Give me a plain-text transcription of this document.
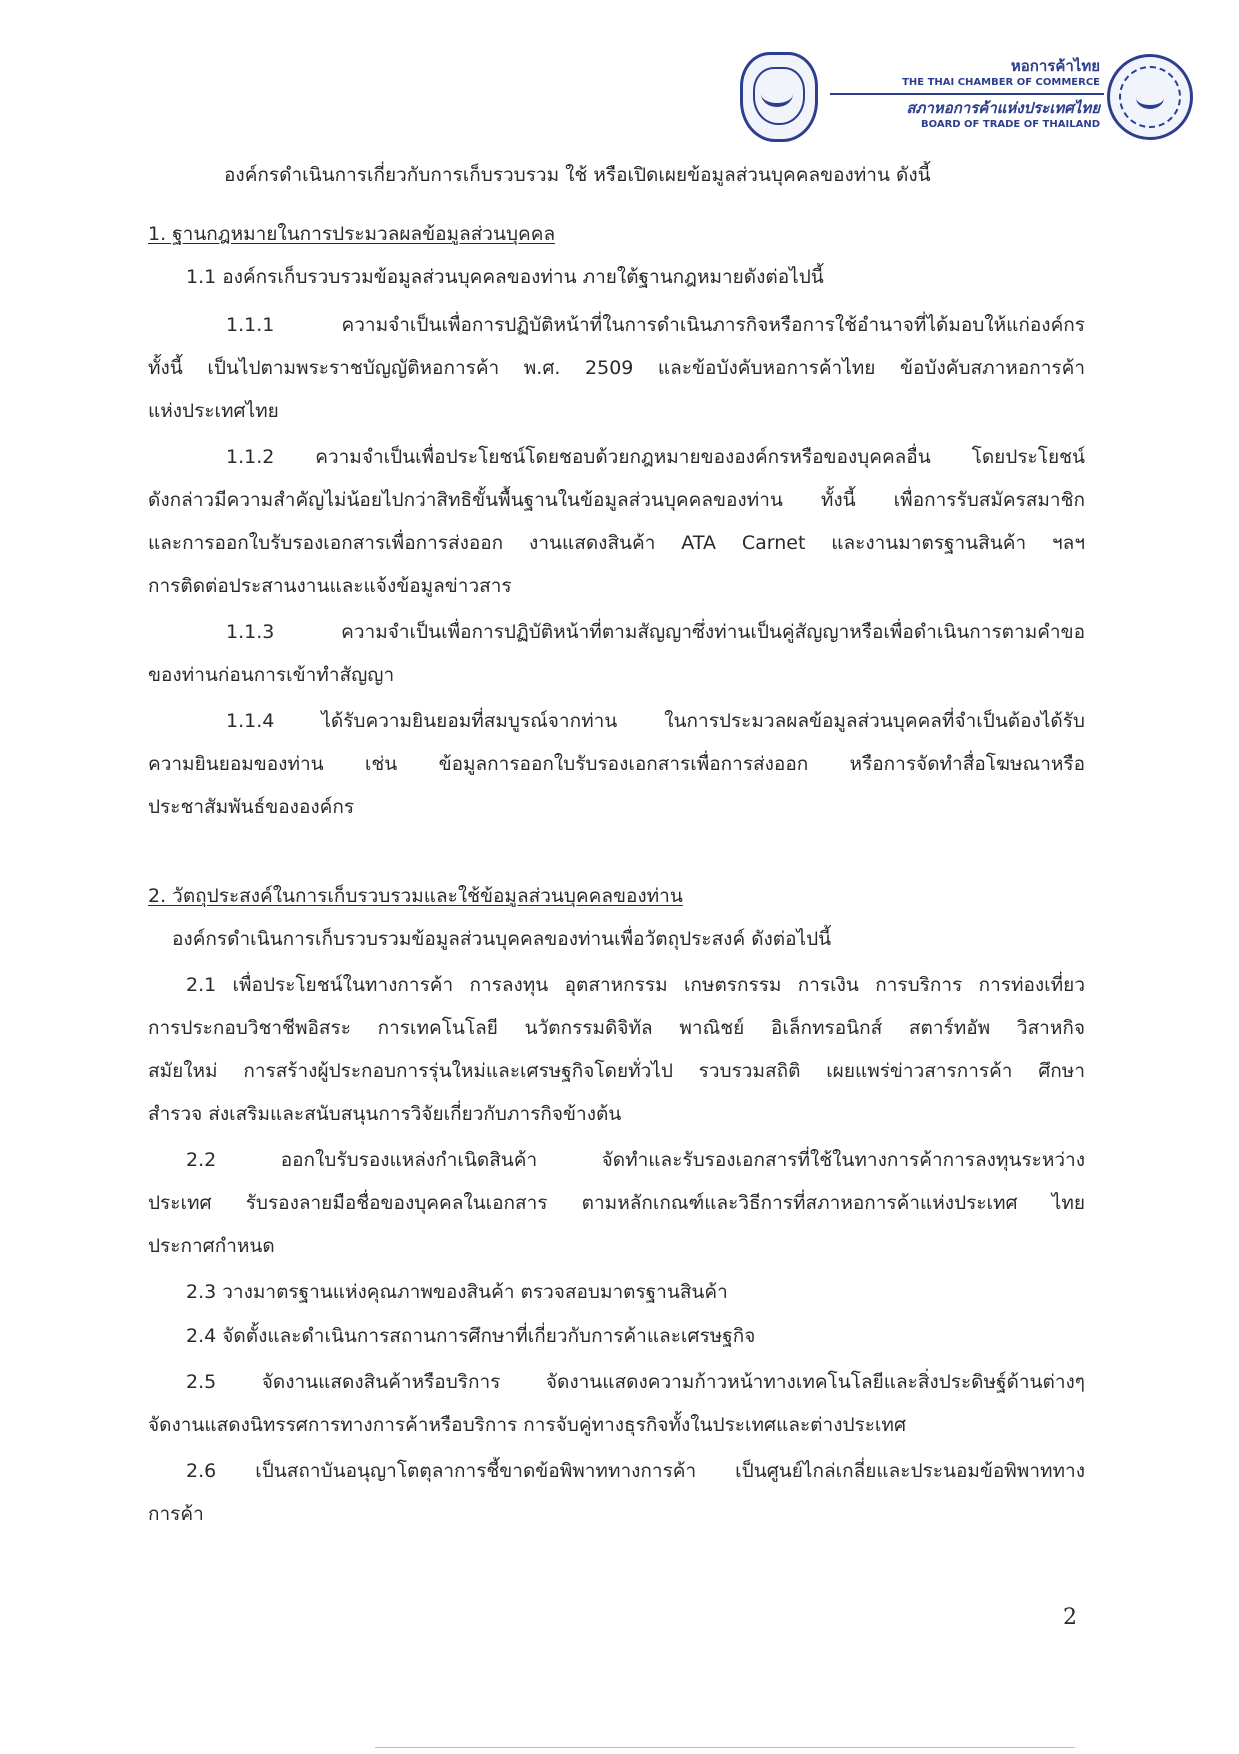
หอการค้าไทย
THE THAI CHAMBER OF COMMERCE
สภาหอการค้าแห่งประเทศไทย
BOARD OF TRADE OF THAILAND
องค์กรดำเนินการเกี่ยวกับการเก็บรวบรวม ใช้ หรือเปิดเผยข้อมูลส่วนบุคคลของท่าน ดังนี้
1. ฐานกฎหมายในการประมวลผลข้อมูลส่วนบุคคล
1.1 องค์กรเก็บรวบรวมข้อมูลส่วนบุคคลของท่าน ภายใต้ฐานกฎหมายดังต่อไปนี้
1.1.1 ความจำเป็นเพื่อการปฏิบัติหน้าที่ในการดำเนินภารกิจหรือการใช้อำนาจที่ได้มอบให้แก่องค์กร
ทั้งนี้ เป็นไปตามพระราชบัญญัติหอการค้า พ.ศ. 2509 และข้อบังคับหอการค้าไทย ข้อบังคับสภาหอการค้า
แห่งประเทศไทย
1.1.2 ความจำเป็นเพื่อประโยชน์โดยชอบด้วยกฎหมายขององค์กรหรือของบุคคลอื่น โดยประโยชน์
ดังกล่าวมีความสำคัญไม่น้อยไปกว่าสิทธิขั้นพื้นฐานในข้อมูลส่วนบุคคลของท่าน ทั้งนี้ เพื่อการรับสมัครสมาชิก
และการออกใบรับรองเอกสารเพื่อการส่งออก งานแสดงสินค้า ATA Carnet และงานมาตรฐานสินค้า ฯลฯ
การติดต่อประสานงานและแจ้งข้อมูลข่าวสาร
1.1.3 ความจำเป็นเพื่อการปฏิบัติหน้าที่ตามสัญญาซึ่งท่านเป็นคู่สัญญาหรือเพื่อดำเนินการตามคำขอ
ของท่านก่อนการเข้าทำสัญญา
1.1.4 ได้รับความยินยอมที่สมบูรณ์จากท่าน ในการประมวลผลข้อมูลส่วนบุคคลที่จำเป็นต้องได้รับ
ความยินยอมของท่าน เช่น ข้อมูลการออกใบรับรองเอกสารเพื่อการส่งออก หรือการจัดทำสื่อโฆษณาหรือ
ประชาสัมพันธ์ขององค์กร
2. วัตถุประสงค์ในการเก็บรวบรวมและใช้ข้อมูลส่วนบุคคลของท่าน
องค์กรดำเนินการเก็บรวบรวมข้อมูลส่วนบุคคลของท่านเพื่อวัตถุประสงค์ ดังต่อไปนี้
2.1 เพื่อประโยชน์ในทางการค้า การลงทุน อุตสาหกรรม เกษตรกรรม การเงิน การบริการ การท่องเที่ยว
การประกอบวิชาชีพอิสระ การเทคโนโลยี นวัตกรรมดิจิทัล พาณิชย์ อิเล็กทรอนิกส์ สตาร์ทอัพ วิสาหกิจ
สมัยใหม่ การสร้างผู้ประกอบการรุ่นใหม่และเศรษฐกิจโดยทั่วไป รวบรวมสถิติ เผยแพร่ข่าวสารการค้า ศึกษา
สำรวจ ส่งเสริมและสนับสนุนการวิจัยเกี่ยวกับภารกิจข้างต้น
2.2 ออกใบรับรองแหล่งกำเนิดสินค้า จัดทำและรับรองเอกสารที่ใช้ในทางการค้าการลงทุนระหว่าง
ประเทศ รับรองลายมือชื่อของบุคคลในเอกสาร ตามหลักเกณฑ์และวิธีการที่สภาหอการค้าแห่งประเทศ ไทย
ประกาศกำหนด
2.3 วางมาตรฐานแห่งคุณภาพของสินค้า ตรวจสอบมาตรฐานสินค้า
2.4 จัดตั้งและดำเนินการสถานการศึกษาที่เกี่ยวกับการค้าและเศรษฐกิจ
2.5 จัดงานแสดงสินค้าหรือบริการ จัดงานแสดงความก้าวหน้าทางเทคโนโลยีและสิ่งประดิษฐ์ด้านต่างๆ
จัดงานแสดงนิทรรศการทางการค้าหรือบริการ การจับคู่ทางธุรกิจทั้งในประเทศและต่างประเทศ
2.6 เป็นสถาบันอนุญาโตตุลาการชี้ขาดข้อพิพาททางการค้า เป็นศูนย์ไกล่เกลี่ยและประนอมข้อพิพาททาง
การค้า
2
